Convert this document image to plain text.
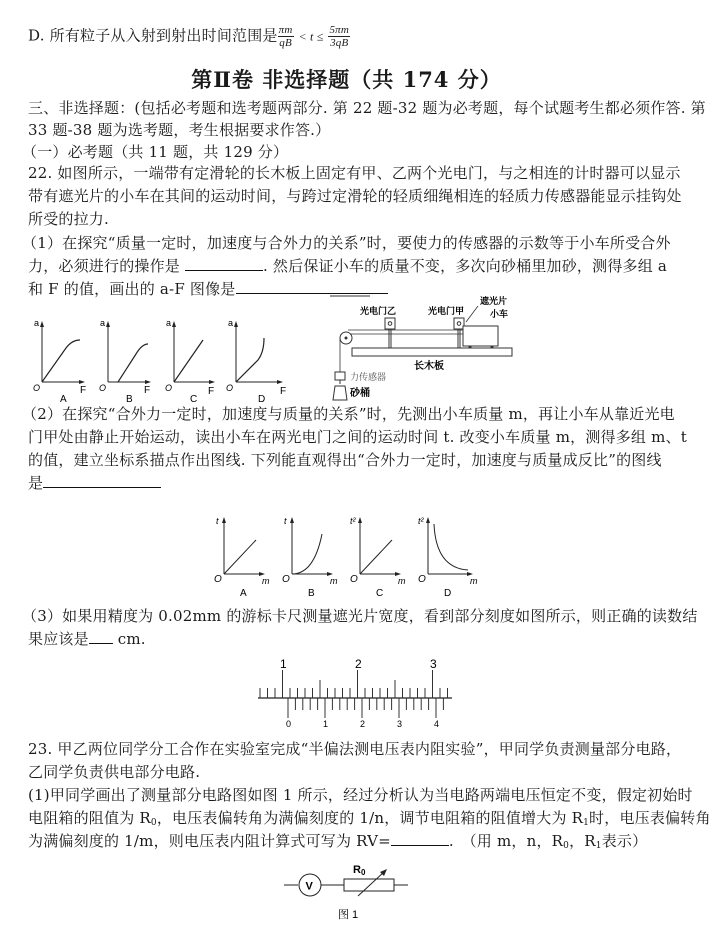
D. 所有粒子从入射到射出时间范围是 $\frac{\pi m}{qB} < t \le \frac{5\pi m}{3qB}$
第Ⅱ卷 非选择题（共 174 分）
三、非选择题：(包括必考题和选考题两部分. 第 22 题-32 题为必考题，每个试题考生都必须作答. 第
33 题-38 题为选考题，考生根据要求作答.）
（一）必考题（共 11 题，共 129 分）
22. 如图所示，一端带有定滑轮的长木板上固定有甲、乙两个光电门，与之相连的计时器可以显示
带有遮光片的小车在其间的运动时间，与跨过定滑轮的轻质细绳相连的轻质力传感器能显示挂钩处
所受的拉力.
（1）在探究“质量一定时，加速度与合外力的关系”时，要使力的传感器的示数等于小车所受合外
力，必须进行的操作是	. 然后保证小车的质量不变，多次向砂桶里加砂，测得多组 a
和 F 的值，画出的 a-F 图像是
a
O	F
A
a
O	F
B
a
O	F
C
a
O	F
D
光电门乙	光电门甲
遮光片
小车
长木板
力传感器
砂桶
（2）在探究“合外力一定时，加速度与质量的关系”时，先测出小车质量 m，再让小车从靠近光电
门甲处由静止开始运动，读出小车在两光电门之间的运动时间 t. 改变小车质量 m，测得多组 m、t
的值，建立坐标系描点作出图线. 下列能直观得出“合外力一定时，加速度与质量成反比”的图线
是
t
O	m
A
t
O	m
B
t²
O	m
C
t²
O	m
D
（3）如果用精度为 0.02mm 的游标卡尺测量遮光片宽度，看到部分刻度如图所示，则正确的读数结
果应该是 cm.
1	2	3
0	1	2	3	4
23. 甲乙两位同学分工合作在实验室完成“半偏法测电压表内阻实验”，甲同学负责测量部分电路，
乙同学负责供电部分电路.
(1)甲同学画出了测量部分电路图如图 1 所示，经过分析认为当电路两端电压恒定不变，假定初始时
电阻箱的阻值为 $R_0$，电压表偏转角为满偏刻度的 1/n，调节电阻箱的阻值增大为 $R_1$时，电压表偏转角
为满偏刻度的 1/m，则电压表内阻计算式可写为 RV=	.　（用 m，n，$R_0$，$R_1$表示）
V
R0
图 1
